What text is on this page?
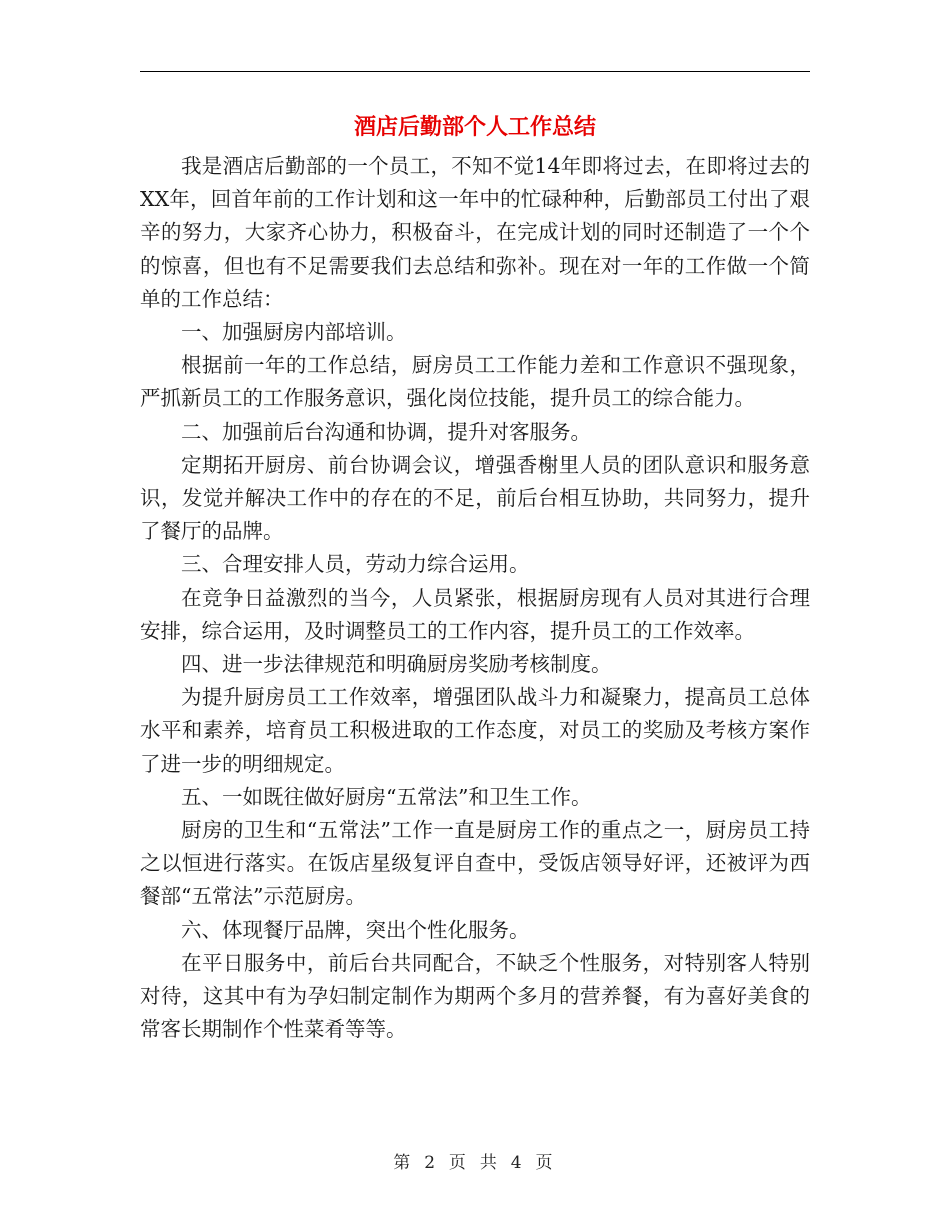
酒店后勤部个人工作总结

我是酒店后勤部的一个员工，不知不觉14年即将过去，在即将过去的XX年，回首年前的工作计划和这一年中的忙碌种种，后勤部员工付出了艰辛的努力，大家齐心协力，积极奋斗，在完成计划的同时还制造了一个个的惊喜，但也有不足需要我们去总结和弥补。现在对一年的工作做一个简单的工作总结：

一、加强厨房内部培训。

根据前一年的工作总结，厨房员工工作能力差和工作意识不强现象，严抓新员工的工作服务意识，强化岗位技能，提升员工的综合能力。

二、加强前后台沟通和协调，提升对客服务。

定期拓开厨房、前台协调会议，增强香榭里人员的团队意识和服务意识，发觉并解决工作中的存在的不足，前后台相互协助，共同努力，提升了餐厅的品牌。

三、合理安排人员，劳动力综合运用。

在竞争日益激烈的当今，人员紧张，根据厨房现有人员对其进行合理安排，综合运用，及时调整员工的工作内容，提升员工的工作效率。

四、进一步法律规范和明确厨房奖励考核制度。

为提升厨房员工工作效率，增强团队战斗力和凝聚力，提高员工总体水平和素养，培育员工积极进取的工作态度，对员工的奖励及考核方案作了进一步的明细规定。

五、一如既往做好厨房“五常法”和卫生工作。

厨房的卫生和“五常法”工作一直是厨房工作的重点之一，厨房员工持之以恒进行落实。在饭店星级复评自查中，受饭店领导好评，还被评为西餐部“五常法”示范厨房。

六、体现餐厅品牌，突出个性化服务。

在平日服务中，前后台共同配合，不缺乏个性服务，对特别客人特别对待，这其中有为孕妇制定制作为期两个多月的营养餐，有为喜好美食的常客长期制作个性菜肴等等。

第 2 页 共 4 页
